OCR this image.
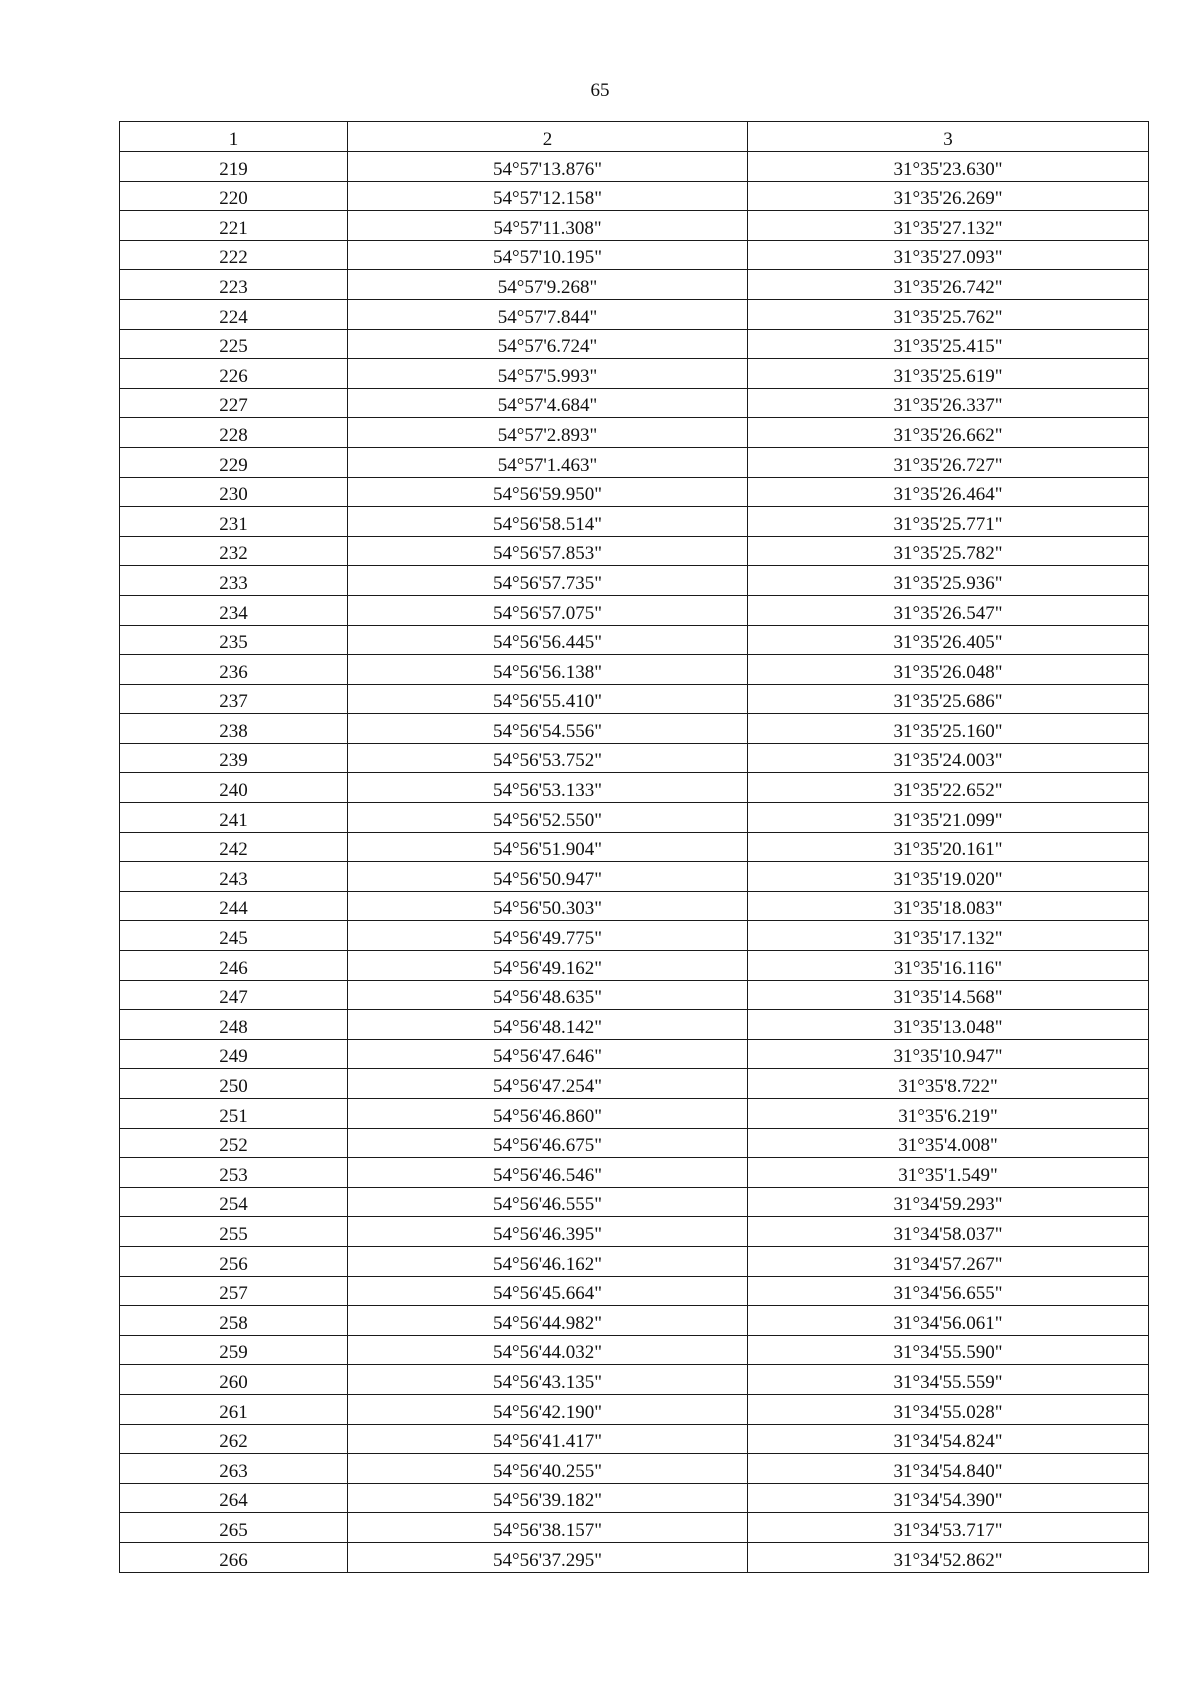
65
1	2	3
219	54°57'13.876"	31°35'23.630"
220	54°57'12.158"	31°35'26.269"
221	54°57'11.308"	31°35'27.132"
222	54°57'10.195"	31°35'27.093"
223	54°57'9.268"	31°35'26.742"
224	54°57'7.844"	31°35'25.762"
225	54°57'6.724"	31°35'25.415"
226	54°57'5.993"	31°35'25.619"
227	54°57'4.684"	31°35'26.337"
228	54°57'2.893"	31°35'26.662"
229	54°57'1.463"	31°35'26.727"
230	54°56'59.950"	31°35'26.464"
231	54°56'58.514"	31°35'25.771"
232	54°56'57.853"	31°35'25.782"
233	54°56'57.735"	31°35'25.936"
234	54°56'57.075"	31°35'26.547"
235	54°56'56.445"	31°35'26.405"
236	54°56'56.138"	31°35'26.048"
237	54°56'55.410"	31°35'25.686"
238	54°56'54.556"	31°35'25.160"
239	54°56'53.752"	31°35'24.003"
240	54°56'53.133"	31°35'22.652"
241	54°56'52.550"	31°35'21.099"
242	54°56'51.904"	31°35'20.161"
243	54°56'50.947"	31°35'19.020"
244	54°56'50.303"	31°35'18.083"
245	54°56'49.775"	31°35'17.132"
246	54°56'49.162"	31°35'16.116"
247	54°56'48.635"	31°35'14.568"
248	54°56'48.142"	31°35'13.048"
249	54°56'47.646"	31°35'10.947"
250	54°56'47.254"	31°35'8.722"
251	54°56'46.860"	31°35'6.219"
252	54°56'46.675"	31°35'4.008"
253	54°56'46.546"	31°35'1.549"
254	54°56'46.555"	31°34'59.293"
255	54°56'46.395"	31°34'58.037"
256	54°56'46.162"	31°34'57.267"
257	54°56'45.664"	31°34'56.655"
258	54°56'44.982"	31°34'56.061"
259	54°56'44.032"	31°34'55.590"
260	54°56'43.135"	31°34'55.559"
261	54°56'42.190"	31°34'55.028"
262	54°56'41.417"	31°34'54.824"
263	54°56'40.255"	31°34'54.840"
264	54°56'39.182"	31°34'54.390"
265	54°56'38.157"	31°34'53.717"
266	54°56'37.295"	31°34'52.862"
